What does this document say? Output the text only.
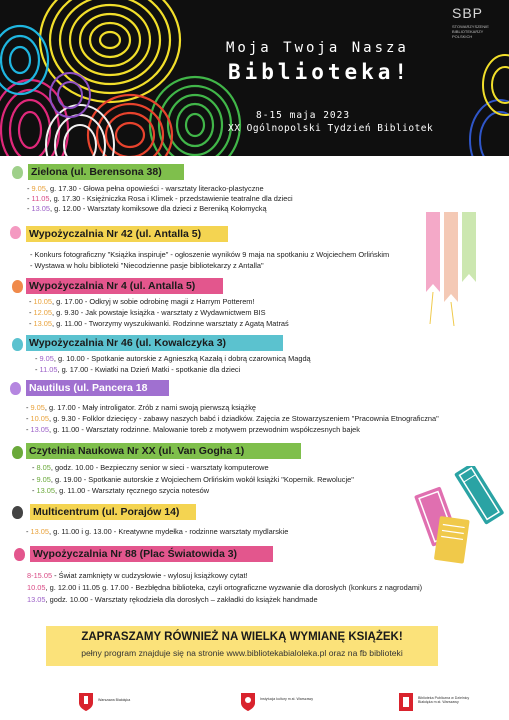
SBP
STOWARZYSZENIE BIBLIOTEKARZY POLSKICH
Moja Twoja Nasza
Biblioteka!
8-15 maja 2023
XX Ogólnopolski Tydzień Bibliotek
Zielona (ul. Berensona 38)
- 9.05, g. 17.30 - Głowa pełna opowieści - warsztaty literacko-plastyczne
- 11.05, g. 17.30 - Księżniczka Rosa i Klimek - przedstawienie teatralne dla dzieci
- 13.05, g. 12.00 - Warsztaty komiksowe dla dzieci z Bereniką Kołomycką
Wypożyczalnia Nr 42 (ul. Antalla 5)
- Konkurs fotograficzny "Książka inspiruje" - ogłoszenie wyników 9 maja na spotkaniu z Wojciechem Orlińskim
- Wystawa w holu biblioteki "Niecodzienne pasje bibliotekarzy z Antalla"
Wypożyczalnia Nr 4 (ul. Antalla 5)
- 10.05, g. 17.00 - Odkryj w sobie odrobinę magii z Harrym Potterem!
- 12.05, g. 9.30 - Jak powstaje książka - warsztaty z Wydawnictwem BIS
- 13.05, g. 11.00 - Tworzymy wyszukiwanki. Rodzinne warsztaty z Agatą Matraś
Wypożyczalnia Nr 46 (ul. Kowalczyka 3)
- 9.05, g. 10.00 - Spotkanie autorskie z Agnieszką Kazałą i dobrą czarownicą Magdą
- 11.05, g. 17.00 - Kwiatki na Dzień Matki - spotkanie dla dzieci
Nautilus (ul. Pancera 18
- 9.05, g. 17.00 - Mały introligator. Zrób z nami swoją pierwszą książkę
- 10.05, g. 9.30 - Folklor dziecięcy - zabawy naszych babć i dziadków. Zajęcia ze Stowarzyszeniem "Pracownia Etnograficzna"
- 13.05, g. 11.00 - Warsztaty rodzinne. Malowanie toreb z motywem przewodnim współczesnych bajek
Czytelnia Naukowa Nr XX (ul. Van Gogha 1)
- 8.05, godz. 10.00 - Bezpieczny senior w sieci - warsztaty komputerowe
- 9.05, g. 19.00 - Spotkanie autorskie z Wojciechem Orlińskim wokół książki "Kopernik. Rewolucje"
- 13.05, g. 11.00 - Warsztaty ręcznego szycia notesów
Multicentrum (ul. Porajów 14)
- 13.05, g. 11.00 i g. 13.00 - Kreatywne mydełka - rodzinne warsztaty mydlarskie
Wypożyczalnia Nr 88 (Plac Światowida 3)
8-15.05 - Świat zamknięty w cudzysłowie - wylosuj książkowy cytat!
10.05, g. 12.00 i 11.05 g. 17.00 - Bezbłędna biblioteka, czyli ortograficzne wyzwanie dla dorosłych (konkurs z nagrodami)
13.05, godz. 10.00 - Warsztaty rękodzieła dla dorosłych – zakładki do książek handmade
ZAPRASZAMY RÓWNIEŻ NA WIELKĄ WYMIANĘ KSIĄŻEK!
pełny program znajduje się na stronie www.bibliotekabialoleka.pl oraz na fb biblioteki
Warszawa Białołęka	Instytucja kultury m.st. Warszawy	Biblioteka Publiczna w Dzielnicy Białołęka m.st. Warszawy
